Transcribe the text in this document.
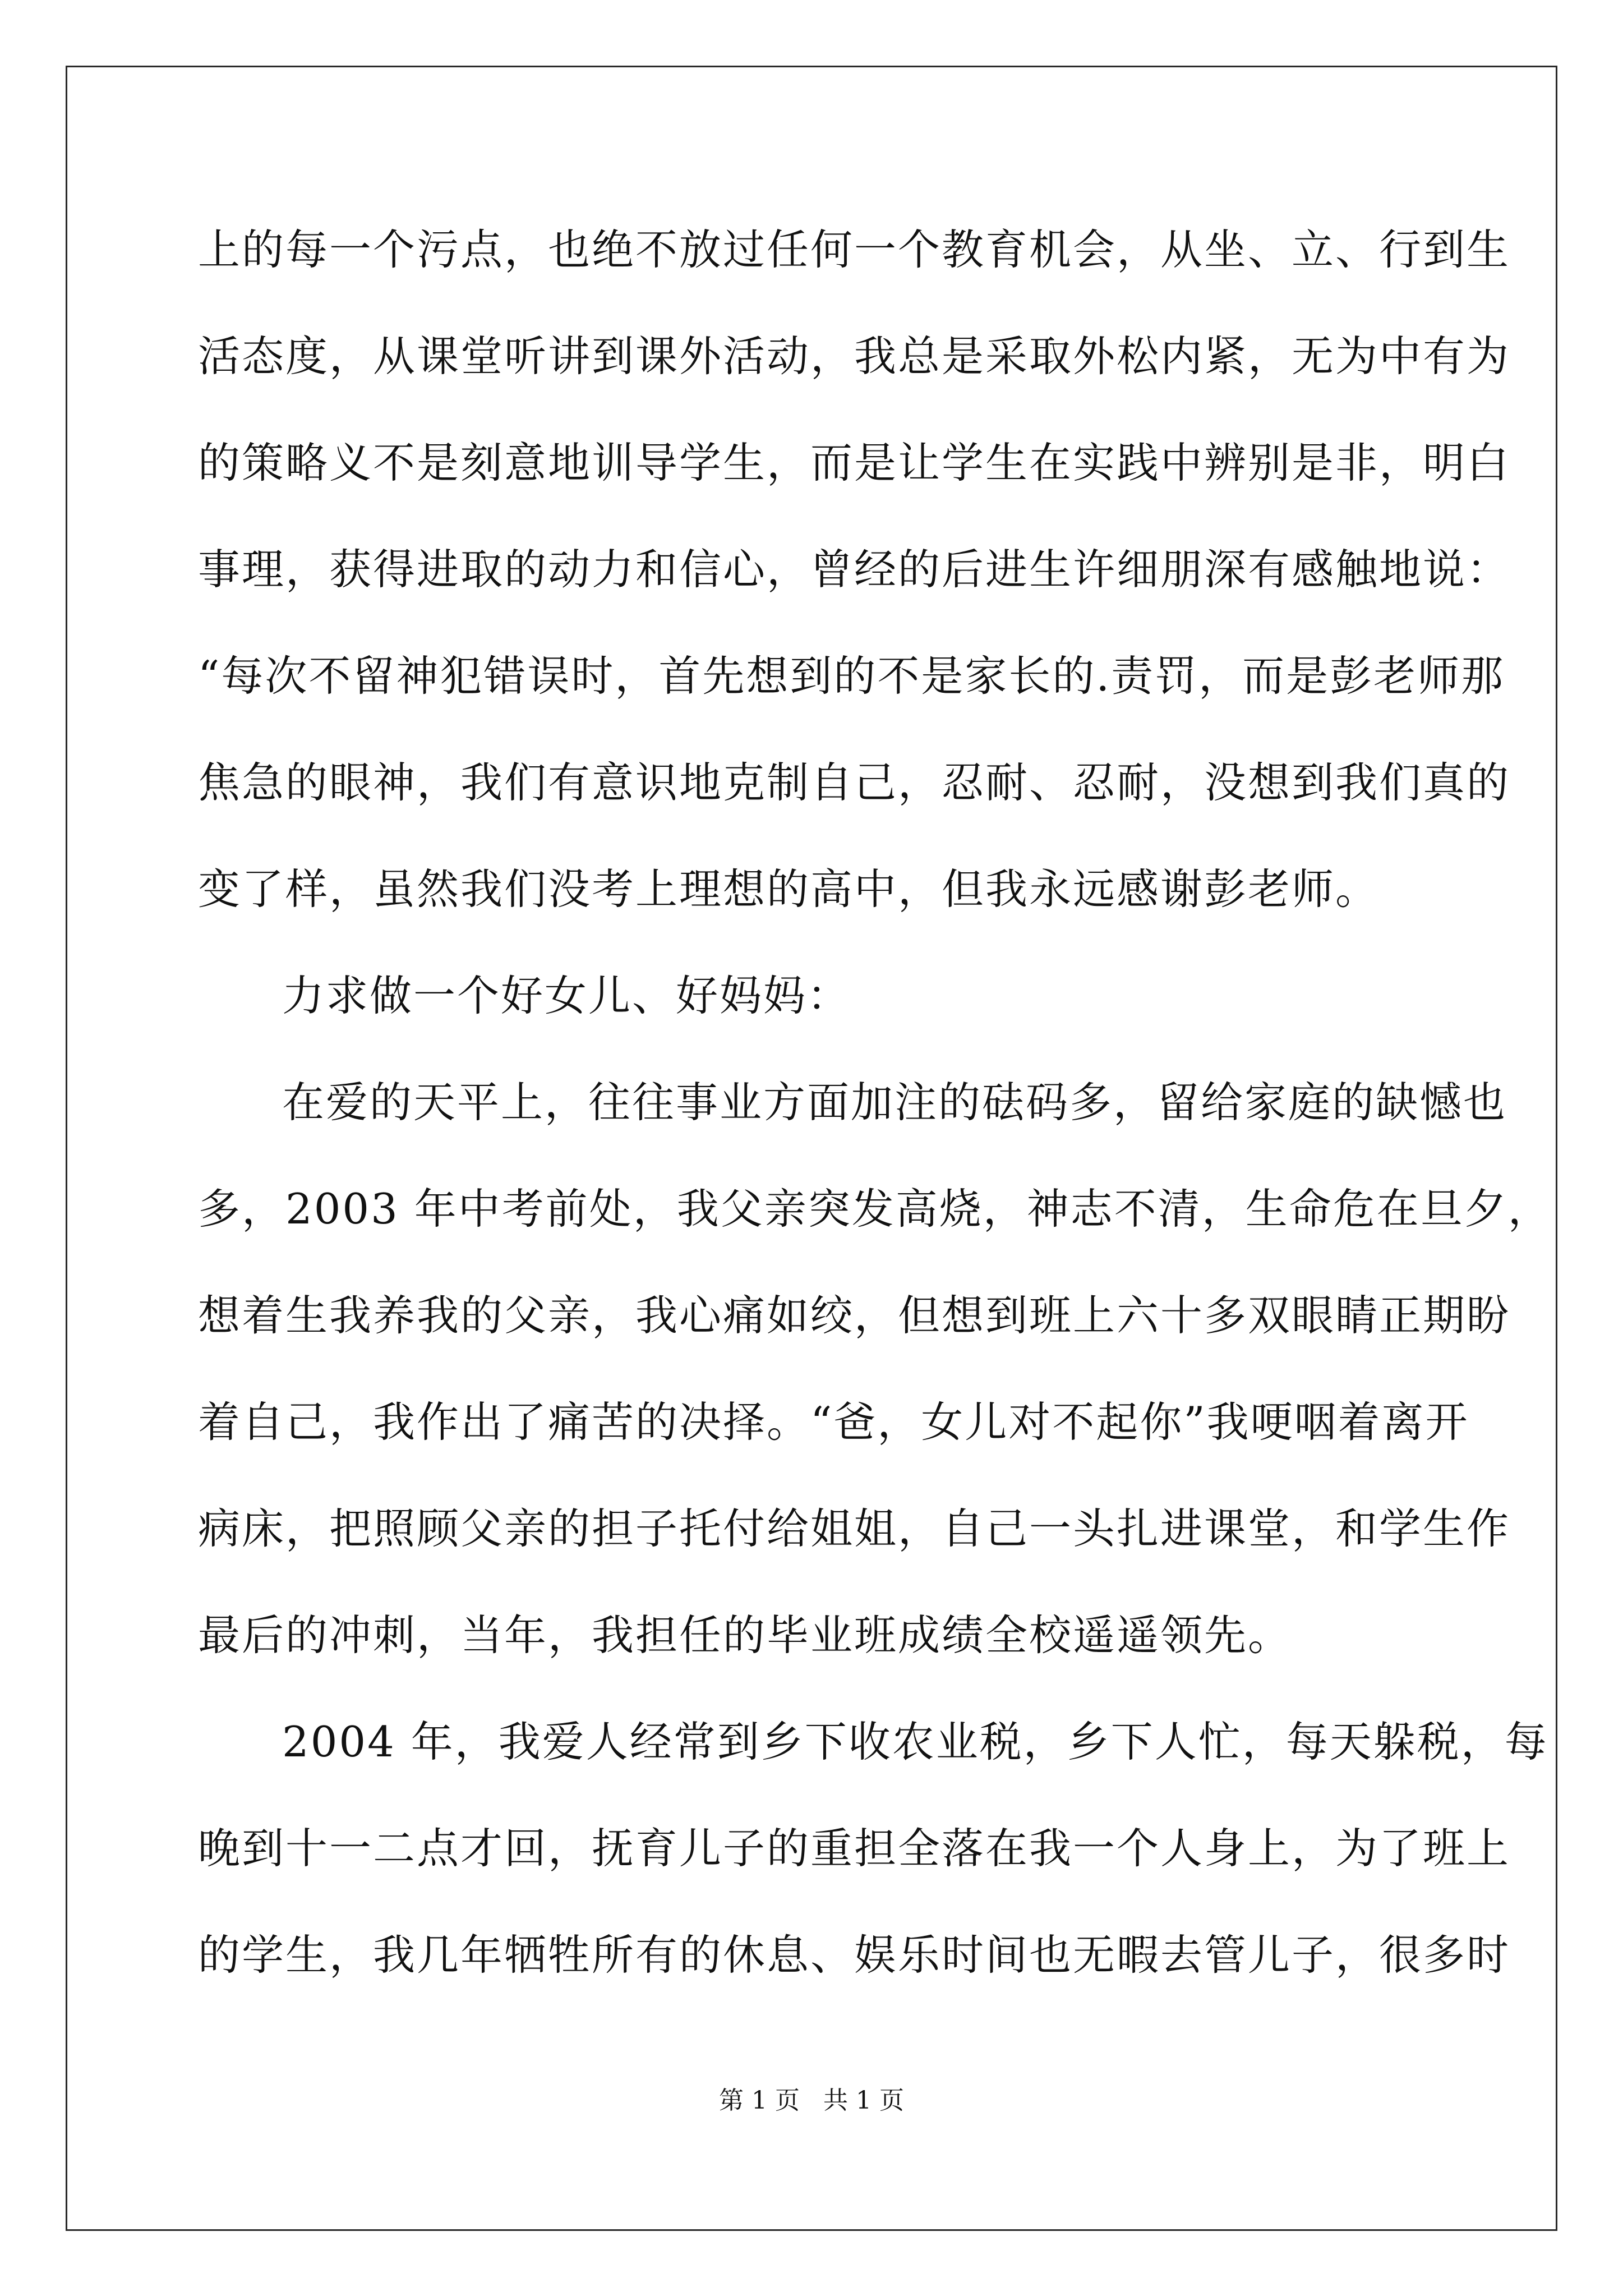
上的每一个污点，也绝不放过任何一个教育机会，从坐、立、行到生
活态度，从课堂听讲到课外活动，我总是采取外松内紧，无为中有为
的策略义不是刻意地训导学生，而是让学生在实践中辨别是非，明白
事理，获得进取的动力和信心，曾经的后进生许细朋深有感触地说：
“每次不留神犯错误时，首先想到的不是家长的.责罚，而是彭老师那
焦急的眼神，我们有意识地克制自己，忍耐、忍耐，没想到我们真的
变了样，虽然我们没考上理想的高中，但我永远感谢彭老师。
力求做一个好女儿、好妈妈：
在爱的天平上，往往事业方面加注的砝码多，留给家庭的缺憾也
多，2003 年中考前处，我父亲突发高烧，神志不清，生命危在旦夕，
想着生我养我的父亲，我心痛如绞，但想到班上六十多双眼睛正期盼
着自己，我作出了痛苦的决择。“爸，女儿对不起你”我哽咽着离开
病床，把照顾父亲的担子托付给姐姐，自己一头扎进课堂，和学生作
最后的冲刺，当年，我担任的毕业班成绩全校遥遥领先。
2004 年，我爱人经常到乡下收农业税，乡下人忙，每天躲税，每
晚到十一二点才回，抚育儿子的重担全落在我一个人身上，为了班上
的学生，我几年牺牲所有的休息、娱乐时间也无暇去管儿子，很多时
第 1 页   共 1 页
